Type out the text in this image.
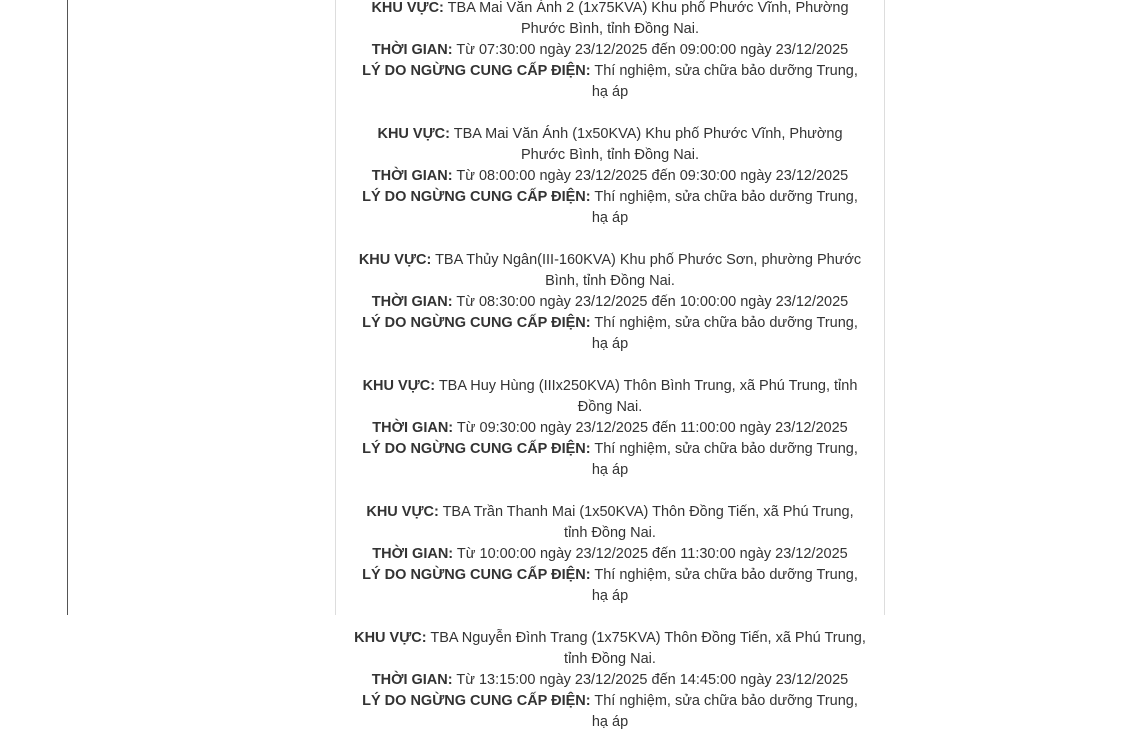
KHU VỰC: TBA Mai Văn Ánh 2 (1x75KVA) Khu phố Phước Vĩnh, Phường Phước Bình, tỉnh Đồng Nai.
THỜI GIAN: Từ 07:30:00 ngày 23/12/2025 đến 09:00:00 ngày 23/12/2025
LÝ DO NGỪNG CUNG CẤP ĐIỆN: Thí nghiệm, sửa chữa bảo dưỡng Trung, hạ áp
KHU VỰC: TBA Mai Văn Ánh (1x50KVA) Khu phố Phước Vĩnh, Phường Phước Bình, tỉnh Đồng Nai.
THỜI GIAN: Từ 08:00:00 ngày 23/12/2025 đến 09:30:00 ngày 23/12/2025
LÝ DO NGỪNG CUNG CẤP ĐIỆN: Thí nghiệm, sửa chữa bảo dưỡng Trung, hạ áp
KHU VỰC: TBA Thủy Ngân(III-160KVA) Khu phố Phước Sơn, phường Phước Bình, tỉnh Đồng Nai.
THỜI GIAN: Từ 08:30:00 ngày 23/12/2025 đến 10:00:00 ngày 23/12/2025
LÝ DO NGỪNG CUNG CẤP ĐIỆN: Thí nghiệm, sửa chữa bảo dưỡng Trung, hạ áp
KHU VỰC: TBA Huy Hùng (IIIx250KVA) Thôn Bình Trung, xã Phú Trung, tỉnh Đồng Nai.
THỜI GIAN: Từ 09:30:00 ngày 23/12/2025 đến 11:00:00 ngày 23/12/2025
LÝ DO NGỪNG CUNG CẤP ĐIỆN: Thí nghiệm, sửa chữa bảo dưỡng Trung, hạ áp
KHU VỰC: TBA Trần Thanh Mai (1x50KVA) Thôn Đồng Tiến, xã Phú Trung, tỉnh Đồng Nai.
THỜI GIAN: Từ 10:00:00 ngày 23/12/2025 đến 11:30:00 ngày 23/12/2025
LÝ DO NGỪNG CUNG CẤP ĐIỆN: Thí nghiệm, sửa chữa bảo dưỡng Trung, hạ áp
KHU VỰC: TBA Nguyễn Đình Trang (1x75KVA) Thôn Đồng Tiến, xã Phú Trung, tỉnh Đồng Nai.
THỜI GIAN: Từ 13:15:00 ngày 23/12/2025 đến 14:45:00 ngày 23/12/2025
LÝ DO NGỪNG CUNG CẤP ĐIỆN: Thí nghiệm, sửa chữa bảo dưỡng Trung, hạ áp
